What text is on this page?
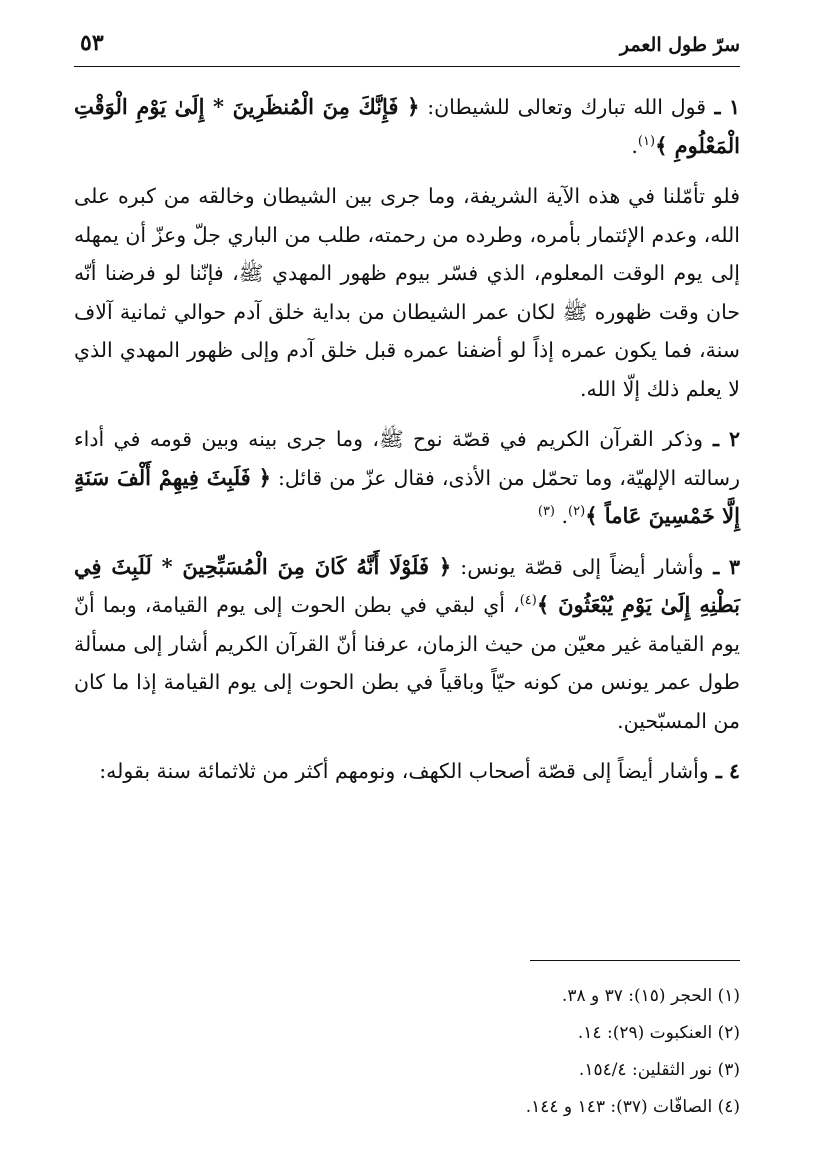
سرّ طول العمر
٥٣

١ ـ قول الله تبارك وتعالى للشيطان: ﴿ فَإِنَّكَ مِنَ الْمُنظَرِينَ * إِلَىٰ يَوْمِ الْوَقْتِ الْمَعْلُومِ ﴾$^{(١)}$.

فلو تأمّلنا في هذه الآية الشريفة، وما جرى بين الشيطان وخالقه من كبره على الله، وعدم الإئتمار بأمره، وطرده من رحمته، طلب من الباري جلّ وعزّ أن يمهله إلى يوم الوقت المعلوم، الذي فسّر بيوم ظهور المهدي ﷺ، فإنّنا لو فرضنا أنّه حان وقت ظهوره ﷺ لكان عمر الشيطان من بداية خلق آدم حوالي ثمانية آلاف سنة، فما يكون عمره إذاً لو أضفنا عمره قبل خلق آدم وإلى ظهور المهدي الذي لا يعلم ذلك إلّا الله.

٢ ـ وذكر القرآن الكريم في قصّة نوح ﷺ، وما جرى بينه وبين قومه في أداء رسالته الإلهيّة، وما تحمّل من الأذى، فقال عزّ من قائل: ﴿ فَلَبِثَ فِيهِمْ أَلْفَ سَنَةٍ إِلَّا خَمْسِينَ عَاماً ﴾$^{(٢)}$. $^{(٣)}$

٣ ـ وأشار أيضاً إلى قصّة يونس: ﴿ فَلَوْلَا أَنَّهُ كَانَ مِنَ الْمُسَبِّحِينَ * لَلَبِثَ فِي بَطْنِهِ إِلَىٰ يَوْمِ يُبْعَثُونَ ﴾$^{(٤)}$، أي لبقي في بطن الحوت إلى يوم القيامة، وبما أنّ يوم القيامة غير معيّن من حيث الزمان، عرفنا أنّ القرآن الكريم أشار إلى مسألة طول عمر يونس من كونه حيّاً وباقياً في بطن الحوت إلى يوم القيامة إذا ما كان من المسبّحين.

٤ ـ وأشار أيضاً إلى قصّة أصحاب الكهف، ونومهم أكثر من ثلاثمائة سنة بقوله:

(١) الحجر (١٥): ٣٧ و ٣٨.
(٢) العنكبوت (٢٩): ١٤.
(٣) نور الثقلين: ١٥٤/٤.
(٤) الصافّات (٣٧): ١٤٣ و ١٤٤.
